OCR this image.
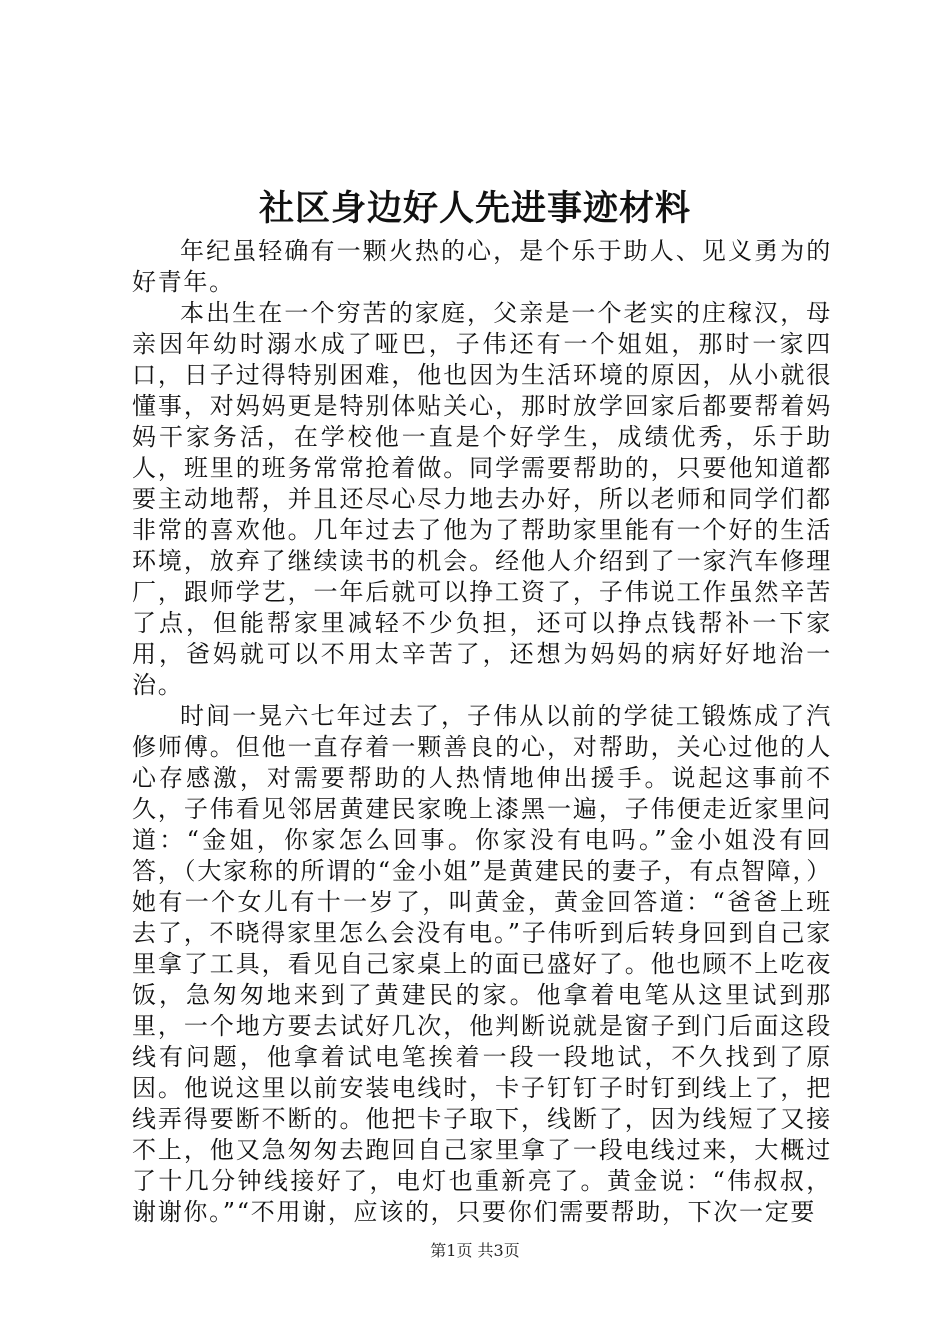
社区身边好人先进事迹材料

年纪虽轻确有一颗火热的心，是个乐于助人、见义勇为的好青年。

本出生在一个穷苦的家庭，父亲是一个老实的庄稼汉，母亲因年幼时溺水成了哑巴，子伟还有一个姐姐，那时一家四口，日子过得特别困难，他也因为生活环境的原因，从小就很懂事，对妈妈更是特别体贴关心，那时放学回家后都要帮着妈妈干家务活，在学校他一直是个好学生，成绩优秀，乐于助人，班里的班务常常抢着做。同学需要帮助的，只要他知道都要主动地帮，并且还尽心尽力地去办好，所以老师和同学们都非常的喜欢他。几年过去了他为了帮助家里能有一个好的生活环境，放弃了继续读书的机会。经他人介绍到了一家汽车修理厂，跟师学艺，一年后就可以挣工资了，子伟说工作虽然辛苦了点，但能帮家里减轻不少负担，还可以挣点钱帮补一下家用，爸妈就可以不用太辛苦了，还想为妈妈的病好好地治一治。

时间一晃六七年过去了，子伟从以前的学徒工锻炼成了汽修师傅。但他一直存着一颗善良的心，对帮助，关心过他的人心存感激，对需要帮助的人热情地伸出援手。说起这事前不久，子伟看见邻居黄建民家晚上漆黑一遍，子伟便走近家里问道：“金姐，你家怎么回事。你家没有电吗。”金小姐没有回答，（大家称的所谓的“金小姐”是黄建民的妻子，有点智障，）她有一个女儿有十一岁了，叫黄金，黄金回答道：“爸爸上班去了，不晓得家里怎么会没有电。”子伟听到后转身回到自己家里拿了工具，看见自己家桌上的面已盛好了。他也顾不上吃夜饭，急匆匆地来到了黄建民的家。他拿着电笔从这里试到那里，一个地方要去试好几次，他判断说就是窗子到门后面这段线有问题，他拿着试电笔挨着一段一段地试，不久找到了原因。他说这里以前安装电线时，卡子钉钉子时钉到线上了，把线弄得要断不断的。他把卡子取下，线断了，因为线短了又接不上，他又急匆匆去跑回自己家里拿了一段电线过来，大概过了十几分钟线接好了，电灯也重新亮了。黄金说：“伟叔叔，谢谢你。”“不用谢，应该的，只要你们需要帮助，下次一定要

第1页 共3页
